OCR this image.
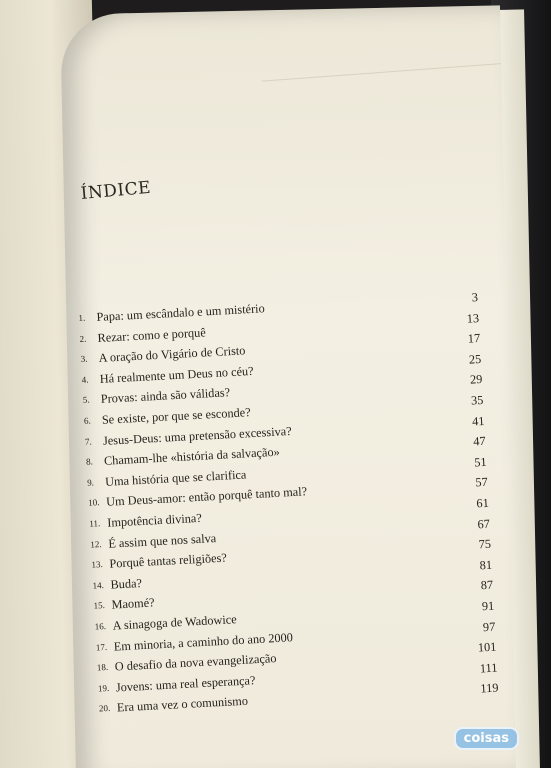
ÍNDICE
1. Papa: um escândalo e um mistério
3
2. Rezar: como e porquê
13
3. A oração do Vigário de Cristo
17
4. Há realmente um Deus no céu?
25
5. Provas: ainda são válidas?
29
6. Se existe, por que se esconde?
35
7. Jesus-Deus: uma pretensão excessiva?
41
8. Chamam-lhe «história da salvação»
47
9. Uma história que se clarifica
51
10. Um Deus-amor: então porquê tanto mal?
57
11. Impotência divina?
61
12. É assim que nos salva
67
13. Porquê tantas religiões?
75
14. Buda?
81
15. Maomé?
87
16. A sinagoga de Wadowice
91
17. Em minoria, a caminho do ano 2000
97
18. O desafio da nova evangelização
101
19. Jovens: uma real esperança?
111
20. Era uma vez o comunismo
119
coisas
